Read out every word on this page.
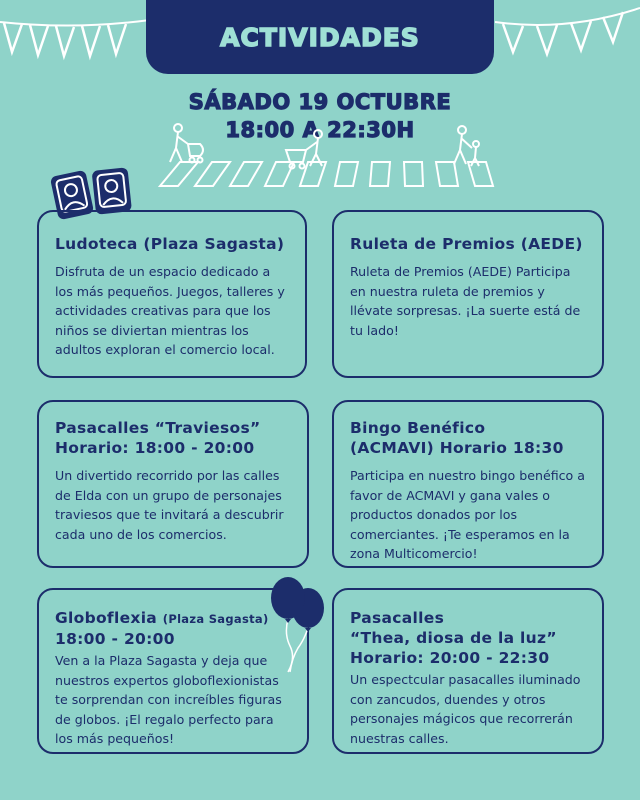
ACTIVIDADES
SÁBADO 19 OCTUBRE
18:00 A 22:30H
Ludoteca (Plaza Sagasta)

Disfruta de un espacio dedicado a los más pequeños. Juegos, talleres y actividades creativas para que los niños se diviertan mientras los adultos exploran el comercio local.

Ruleta de Premios (AEDE)

Ruleta de Premios (AEDE) Participa en nuestra ruleta de premios y llévate sorpresas. ¡La suerte está de tu lado!

Pasacalles “Traviesos”
Horario: 18:00 - 20:00

Un divertido recorrido por las calles de Elda con un grupo de personajes traviesos que te invitará a descubrir cada uno de los comercios.

Bingo Benéfico
(ACMAVI) Horario 18:30

Participa en nuestro bingo benéfico a favor de ACMAVI y gana vales o productos donados por los comerciantes. ¡Te esperamos en la zona Multicomercio!

Globoflexia (Plaza Sagasta)
18:00 - 20:00

Ven a la Plaza Sagasta y deja que nuestros expertos globoflexionistas te sorprendan con increíbles figuras de globos. ¡El regalo perfecto para los más pequeños!

Pasacalles
“Thea, diosa de la luz”
Horario: 20:00 - 22:30

Un espectcular pasacalles iluminado con zancudos, duendes y otros personajes mágicos que recorrerán nuestras calles.
